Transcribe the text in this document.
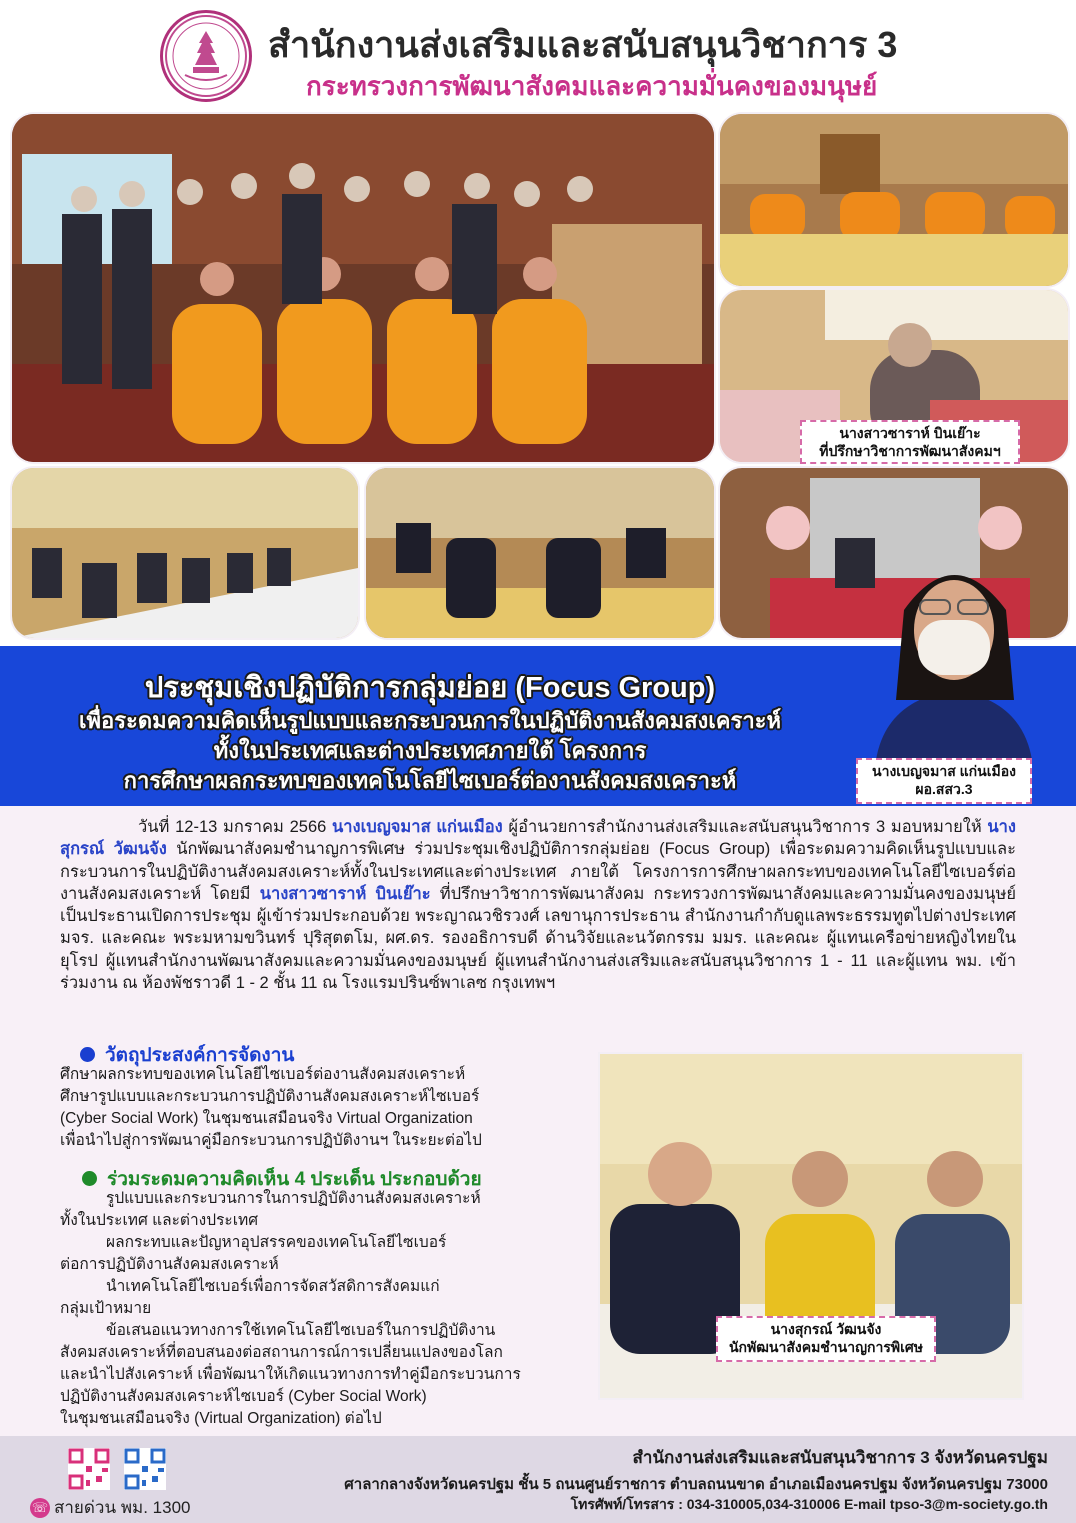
สำนักงานส่งเสริมและสนับสนุนวิชาการ 3
กระทรวงการพัฒนาสังคมและความมั่นคงของมนุษย์
นางสาวซาราห์ บินเย๊าะ
ที่ปรึกษาวิชาการพัฒนาสังคมฯ
ประชุมเชิงปฏิบัติการกลุ่มย่อย (Focus Group)
เพื่อระดมความคิดเห็นรูปแบบและกระบวนการในปฏิบัติงานสังคมสงเคราะห์
ทั้งในประเทศและต่างประเทศภายใต้ โครงการ
การศึกษาผลกระทบของเทคโนโลยีไซเบอร์ต่องานสังคมสงเคราะห์	นางเบญจมาส แก่นเมือง
ผอ.สสว.3
วันที่ 12-13 มกราคม 2566 นางเบญจมาส แก่นเมือง ผู้อำนวยการสำนักงานส่งเสริมและสนับสนุนวิชาการ 3 มอบหมายให้ นางสุกรณ์ วัฒนจัง นักพัฒนาสังคมชำนาญการพิเศษ ร่วมประชุมเชิงปฏิบัติการกลุ่มย่อย (Focus Group) เพื่อระดมความคิดเห็นรูปแบบและกระบวนการในปฏิบัติงานสังคมสงเคราะห์ทั้งในประเทศและต่างประเทศ ภายใต้ โครงการการศึกษาผลกระทบของเทคโนโลยีไซเบอร์ต่องานสังคมสงเคราะห์ โดยมี นางสาวซาราห์ บินเย๊าะ ที่ปรึกษาวิชาการพัฒนาสังคม กระทรวงการพัฒนาสังคมและความมั่นคงของมนุษย์ เป็นประธานเปิดการประชุม ผู้เข้าร่วมประกอบด้วย พระญาณวชิรวงศ์ เลขานุการประธาน สำนักงานกำกับดูแลพระธรรมทูตไปต่างประเทศ มจร. และคณะ พระมหามขวินทร์ ปุริสุตตโม, ผศ.ดร. รองอธิการบดี ด้านวิจัยและนวัตกรรม มมร. และคณะ ผู้แทนเครือข่ายหญิงไทยในยุโรป ผู้แทนสำนักงานพัฒนาสังคมและความมั่นคงของมนุษย์ ผู้แทนสำนักงานส่งเสริมและสนับสนุนวิชาการ 1 - 11 และผู้แทน พม. เข้าร่วมงาน ณ ห้องพัชราวดี 1 - 2 ชั้น 11 ณ โรงแรมปรินซ์พาเลซ กรุงเทพฯ
วัตถุประสงค์การจัดงาน
ศึกษาผลกระทบของเทคโนโลยีไซเบอร์ต่องานสังคมสงเคราะห์
ศึกษารูปแบบและกระบวนการปฏิบัติงานสังคมสงเคราะห์ไซเบอร์
(Cyber Social Work) ในชุมชนเสมือนจริง Virtual Organization
เพื่อนำไปสู่การพัฒนาคู่มือกระบวนการปฏิบัติงานฯ ในระยะต่อไป
ร่วมระดมความคิดเห็น 4 ประเด็น ประกอบด้วย
รูปแบบและกระบวนการในการปฏิบัติงานสังคมสงเคราะห์
ทั้งในประเทศ และต่างประเทศ
ผลกระทบและปัญหาอุปสรรคของเทคโนโลยีไซเบอร์
ต่อการปฏิบัติงานสังคมสงเคราะห์
นำเทคโนโลยีไซเบอร์เพื่อการจัดสวัสดิการสังคมแก่
กลุ่มเป้าหมาย
ข้อเสนอแนวทางการใช้เทคโนโลยีไซเบอร์ในการปฏิบัติงาน
สังคมสงเคราะห์ที่ตอบสนองต่อสถานการณ์การเปลี่ยนแปลงของโลก
และนำไปสังเคราะห์ เพื่อพัฒนาให้เกิดแนวทางการทำคู่มือกระบวนการ
ปฏิบัติงานสังคมสงเคราะห์ไซเบอร์ (Cyber Social Work)
ในชุมชนเสมือนจริง (Virtual Organization) ต่อไป
นางสุกรณ์ วัฒนจัง
นักพัฒนาสังคมชำนาญการพิเศษ
☏ สายด่วน พม. 1300
สำนักงานส่งเสริมและสนับสนุนวิชาการ 3 จังหวัดนครปฐม
ศาลากลางจังหวัดนครปฐม ชั้น 5 ถนนศูนย์ราชการ ตำบลถนนขาด อำเภอเมืองนครปฐม จังหวัดนครปฐม 73000
โทรศัพท์/โทรสาร : 034-310005,034-310006 E-mail tpso-3@m-society.go.th
